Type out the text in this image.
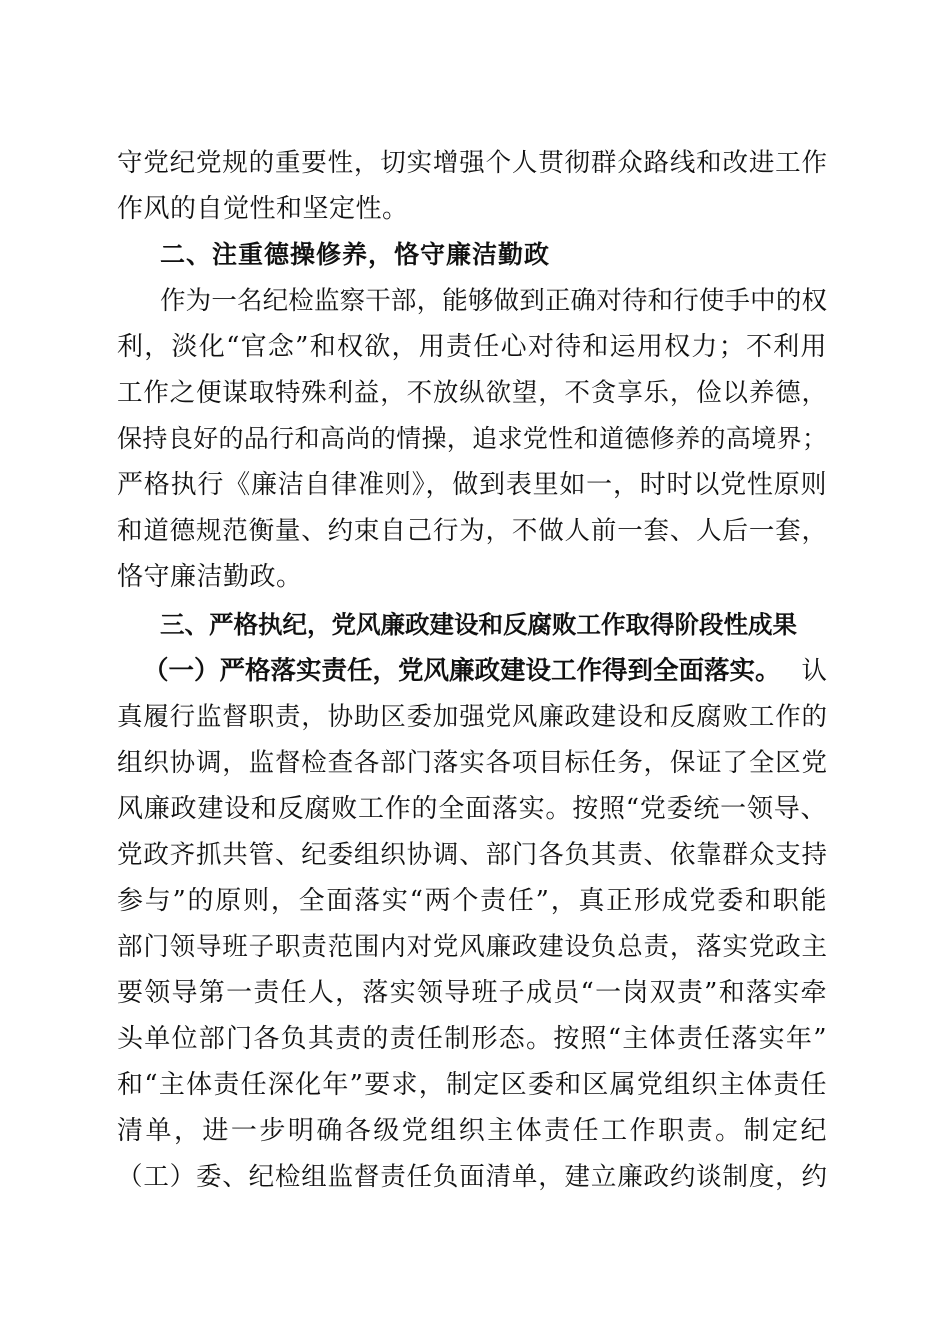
守党纪党规的重要性，切实增强个人贯彻群众路线和改进工作
作风的自觉性和坚定性。
二、注重德操修养，恪守廉洁勤政
作为一名纪检监察干部，能够做到正确对待和行使手中的权
利，淡化“官念”和权欲，用责任心对待和运用权力；不利用
工作之便谋取特殊利益，不放纵欲望，不贪享乐，俭以养德，
保持良好的品行和高尚的情操，追求党性和道德修养的高境界；
严格执行《廉洁自律准则》，做到表里如一，时时以党性原则
和道德规范衡量、约束自己行为，不做人前一套、人后一套，
恪守廉洁勤政。
三、严格执纪，党风廉政建设和反腐败工作取得阶段性成果
（一）严格落实责任，党风廉政建设工作得到全面落实。 认
真履行监督职责，协助区委加强党风廉政建设和反腐败工作的
组织协调，监督检查各部门落实各项目标任务，保证了全区党
风廉政建设和反腐败工作的全面落实。按照“党委统一领导、
党政齐抓共管、纪委组织协调、部门各负其责、依靠群众支持
参与”的原则，全面落实“两个责任”，真正形成党委和职能
部门领导班子职责范围内对党风廉政建设负总责，落实党政主
要领导第一责任人，落实领导班子成员“一岗双责”和落实牵
头单位部门各负其责的责任制形态。按照“主体责任落实年”
和“主体责任深化年”要求，制定区委和区属党组织主体责任
清单，进一步明确各级党组织主体责任工作职责。制定纪
（工）委、纪检组监督责任负面清单，建立廉政约谈制度，约
